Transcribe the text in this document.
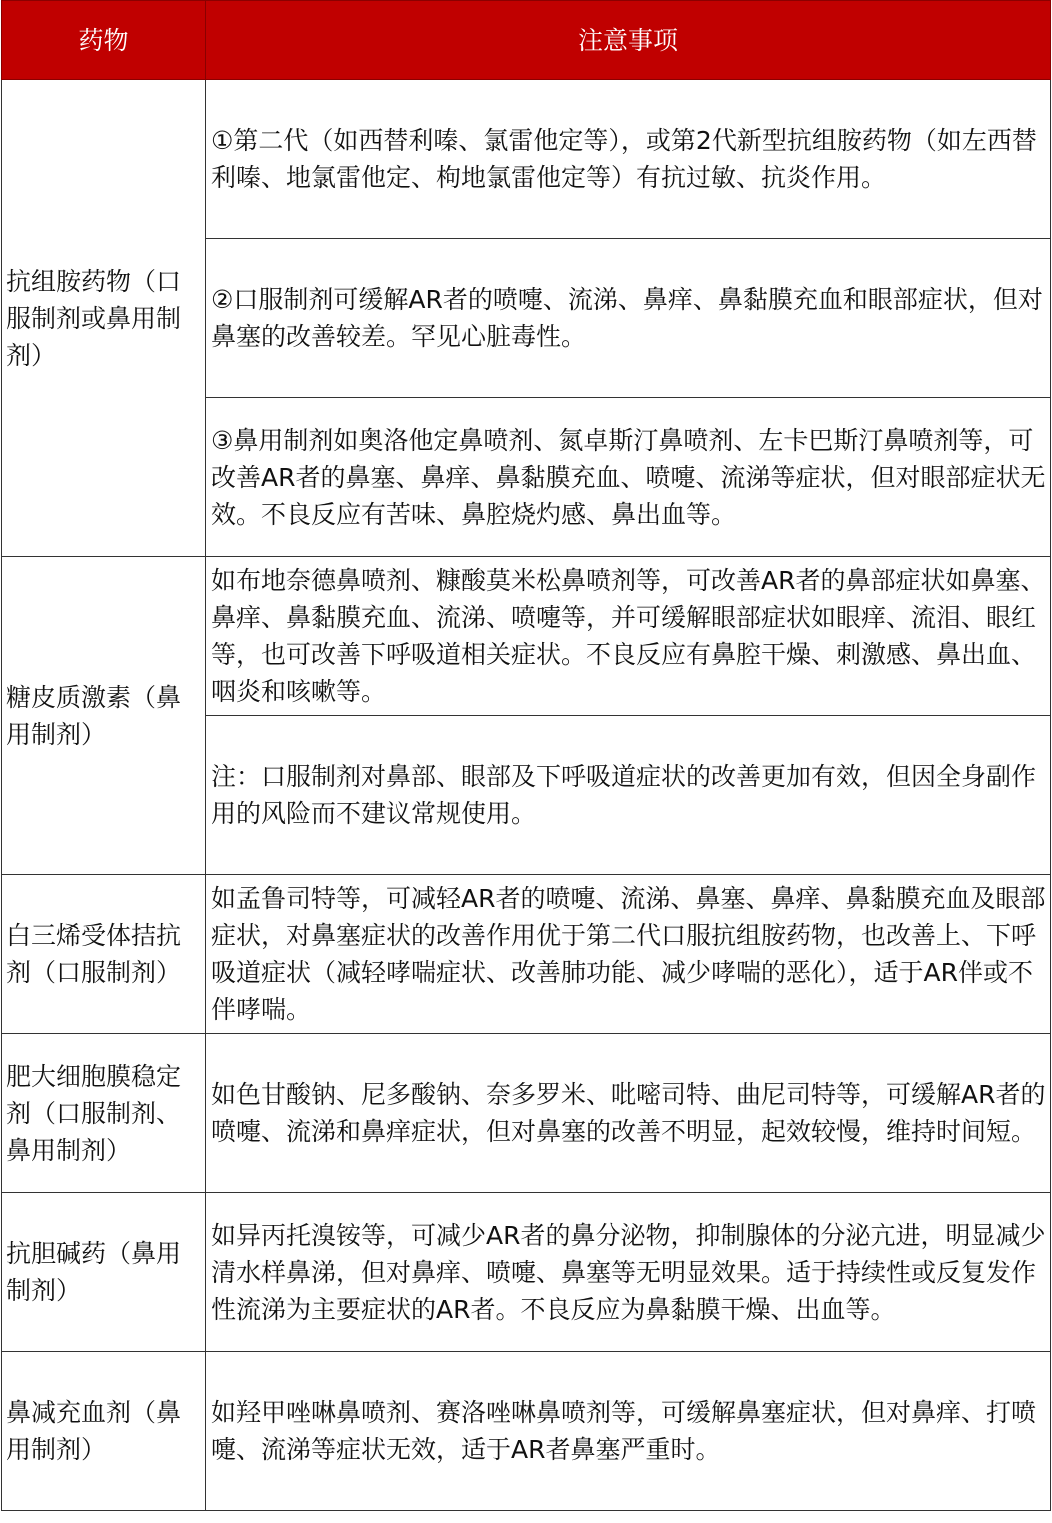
药物	注意事项
抗组胺药物（口服制剂或鼻用制剂）	①第二代（如西替利嗪、氯雷他定等），或第2代新型抗组胺药物（如左西替利嗪、地氯雷他定、枸地氯雷他定等）有抗过敏、抗炎作用。
	②口服制剂可缓解AR者的喷嚏、流涕、鼻痒、鼻黏膜充血和眼部症状，但对鼻塞的改善较差。罕见心脏毒性。
	③鼻用制剂如奥洛他定鼻喷剂、氮卓斯汀鼻喷剂、左卡巴斯汀鼻喷剂等，可改善AR者的鼻塞、鼻痒、鼻黏膜充血、喷嚏、流涕等症状，但对眼部症状无效。不良反应有苦味、鼻腔烧灼感、鼻出血等。
糖皮质激素（鼻用制剂）	如布地奈德鼻喷剂、糠酸莫米松鼻喷剂等，可改善AR者的鼻部症状如鼻塞、鼻痒、鼻黏膜充血、流涕、喷嚏等，并可缓解眼部症状如眼痒、流泪、眼红等，也可改善下呼吸道相关症状。不良反应有鼻腔干燥、刺激感、鼻出血、咽炎和咳嗽等。
	注：口服制剂对鼻部、眼部及下呼吸道症状的改善更加有效，但因全身副作用的风险而不建议常规使用。
白三烯受体拮抗剂（口服制剂）	如孟鲁司特等，可减轻AR者的喷嚏、流涕、鼻塞、鼻痒、鼻黏膜充血及眼部症状，对鼻塞症状的改善作用优于第二代口服抗组胺药物，也改善上、下呼吸道症状（减轻哮喘症状、改善肺功能、减少哮喘的恶化），适于AR伴或不伴哮喘。
肥大细胞膜稳定剂（口服制剂、鼻用制剂）	如色甘酸钠、尼多酸钠、奈多罗米、吡嘧司特、曲尼司特等，可缓解AR者的喷嚏、流涕和鼻痒症状，但对鼻塞的改善不明显，起效较慢，维持时间短。
抗胆碱药（鼻用制剂）	如异丙托溴铵等，可减少AR者的鼻分泌物，抑制腺体的分泌亢进，明显减少清水样鼻涕，但对鼻痒、喷嚏、鼻塞等无明显效果。适于持续性或反复发作性流涕为主要症状的AR者。不良反应为鼻黏膜干燥、出血等。
鼻减充血剂（鼻用制剂）	如羟甲唑啉鼻喷剂、赛洛唑啉鼻喷剂等，可缓解鼻塞症状，但对鼻痒、打喷嚏、流涕等症状无效，适于AR者鼻塞严重时。
